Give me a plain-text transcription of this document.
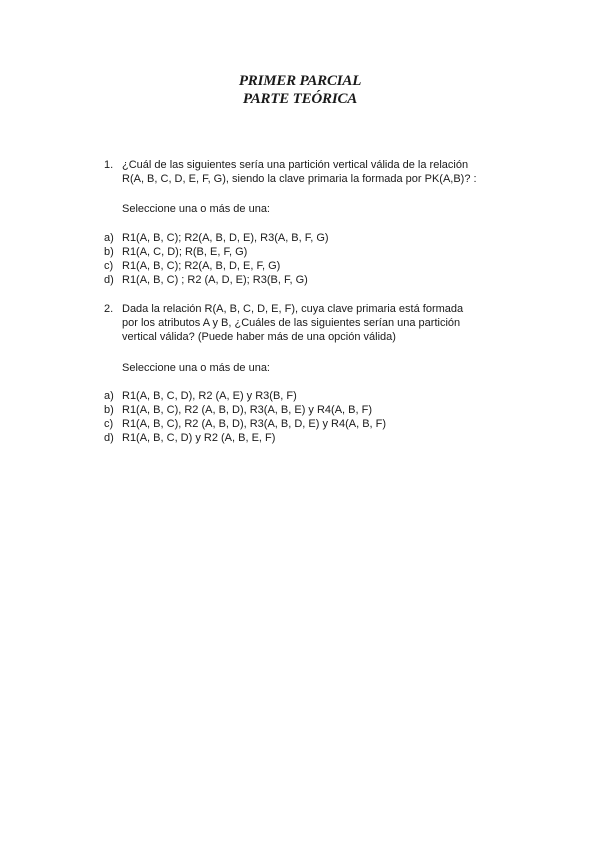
PRIMER PARCIAL
PARTE TEÓRICA
1. ¿Cuál de las siguientes sería una partición vertical válida de la relación
R(A, B, C, D, E, F, G), siendo la clave primaria la formada por PK(A,B)? :
Seleccione una o más de una:
a) R1(A, B, C); R2(A, B, D, E), R3(A, B, F, G)
b) R1(A, C, D); R(B, E, F, G)
c) R1(A, B, C); R2(A, B, D, E, F, G)
d) R1(A, B, C) ; R2 (A, D, E); R3(B, F, G)
2. Dada la relación R(A, B, C, D, E, F), cuya clave primaria está formada
por los atributos A y B, ¿Cuáles de las siguientes serían una partición
vertical válida? (Puede haber más de una opción válida)
Seleccione una o más de una:
a) R1(A, B, C, D), R2 (A, E) y R3(B, F)
b) R1(A, B, C), R2 (A, B, D), R3(A, B, E) y R4(A, B, F)
c) R1(A, B, C), R2 (A, B, D), R3(A, B, D, E) y R4(A, B, F)
d) R1(A, B, C, D) y R2 (A, B, E, F)
